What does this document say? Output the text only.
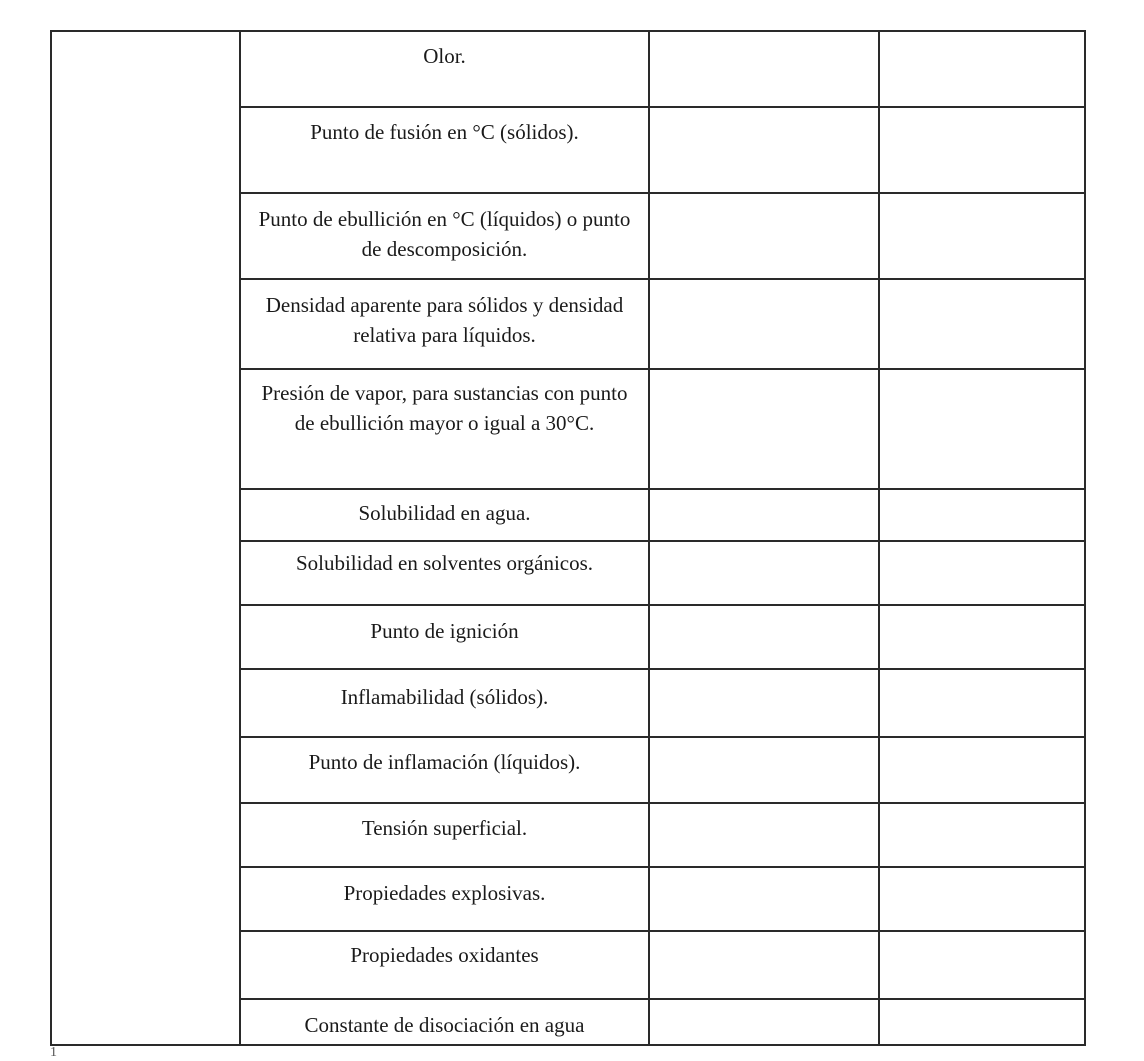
Olor.
Punto de fusión en °C (sólidos).
Punto de ebullición en °C (líquidos) o punto de descomposición.
Densidad aparente para sólidos y densidad relativa para líquidos.
Presión de vapor, para sustancias con punto de ebullición mayor o igual a 30°C.
Solubilidad en agua.
Solubilidad en solventes orgánicos.
Punto de ignición
Inflamabilidad (sólidos).
Punto de inflamación (líquidos).
Tensión superficial.
Propiedades explosivas.
Propiedades oxidantes
Constante de disociación en agua
1
